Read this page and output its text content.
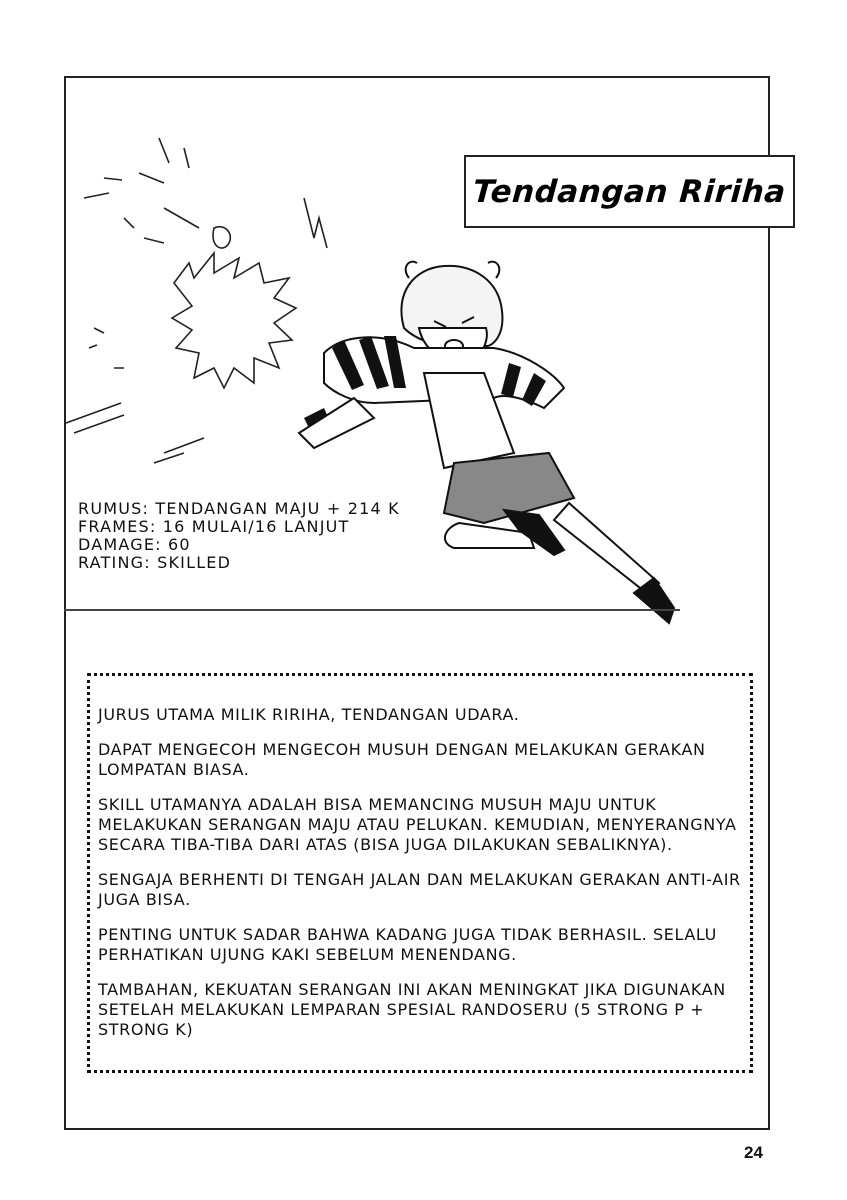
Tendangan Ririha
RUMUS: TENDANGAN MAJU + 214 K
FRAMES: 16 MULAI/16 LANJUT
DAMAGE: 60
RATING: SKILLED

JURUS UTAMA MILIK RIRIHA, TENDANGAN UDARA.

DAPAT MENGECOH MENGECOH MUSUH DENGAN MELAKUKAN GERAKAN LOMPATAN BIASA.

SKILL UTAMANYA ADALAH BISA MEMANCING MUSUH MAJU UNTUK MELAKUKAN SERANGAN MAJU ATAU PELUKAN. KEMUDIAN, MENYERANGNYA SECARA TIBA-TIBA DARI ATAS (BISA JUGA DILAKUKAN SEBALIKNYA).

SENGAJA BERHENTI DI TENGAH JALAN DAN MELAKUKAN GERAKAN ANTI-AIR JUGA BISA.

PENTING UNTUK SADAR BAHWA KADANG JUGA TIDAK BERHASIL. SELALU PERHATIKAN UJUNG KAKI SEBELUM MENENDANG.

TAMBAHAN, KEKUATAN SERANGAN INI AKAN MENINGKAT JIKA DIGUNAKAN SETELAH MELAKUKAN LEMPARAN SPESIAL RANDOSERU (5 STRONG P + STRONG K)

24
